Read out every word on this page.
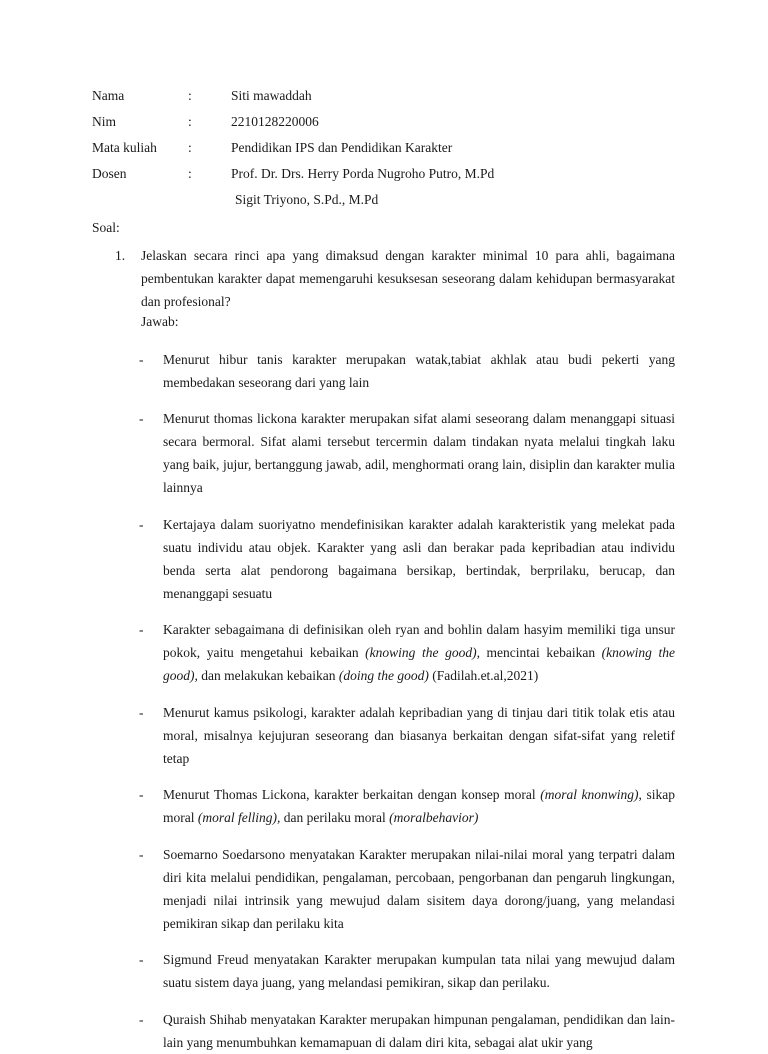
Nama	:	Siti mawaddah
Nim	:	2210128220006
Mata kuliah :	Pendidikan IPS dan Pendidikan Karakter
Dosen	:	Prof. Dr. Drs. Herry Porda Nugroho Putro, M.Pd
Sigit Triyono, S.Pd., M.Pd
Soal:
1. Jelaskan secara rinci apa yang dimaksud dengan karakter minimal 10 para ahli, bagaimana pembentukan karakter dapat memengaruhi kesuksesan seseorang dalam kehidupan bermasyarakat dan profesional?

Jawab:
- Menurut hibur tanis karakter merupakan watak,tabiat akhlak atau budi pekerti yang membedakan seseorang dari yang lain

- Menurut thomas lickona karakter merupakan sifat alami seseorang dalam menanggapi situasi secara bermoral. Sifat alami tersebut tercermin dalam tindakan nyata melalui tingkah laku yang baik, jujur, bertanggung jawab, adil, menghormati orang lain, disiplin dan karakter mulia lainnya

- Kertajaya dalam suoriyatno mendefinisikan karakter adalah karakteristik yang melekat pada suatu individu atau objek. Karakter yang asli dan berakar pada kepribadian atau individu benda serta alat pendorong bagaimana bersikap, bertindak, berprilaku, berucap, dan menanggapi sesuatu

- Karakter sebagaimana di definisikan oleh ryan and bohlin dalam hasyim memiliki tiga unsur pokok, yaitu mengetahui kebaikan (knowing the good), mencintai kebaikan (knowing the good), dan melakukan kebaikan (doing the good) (Fadilah.et.al,2021)

- Menurut kamus psikologi, karakter adalah kepribadian yang di tinjau dari titik tolak etis atau moral, misalnya kejujuran seseorang dan biasanya berkaitan dengan sifat-sifat yang reletif tetap

- Menurut Thomas Lickona, karakter berkaitan dengan konsep moral (moral knonwing), sikap moral (moral felling), dan perilaku moral (moralbehavior)

- Soemarno Soedarsono menyatakan Karakter merupakan nilai-nilai moral yang terpatri dalam diri kita melalui pendidikan, pengalaman, percobaan, pengorbanan dan pengaruh lingkungan, menjadi nilai intrinsik yang mewujud dalam sisitem daya dorong/juang, yang melandasi pemikiran sikap dan perilaku kita

- Sigmund Freud menyatakan Karakter merupakan kumpulan tata nilai yang mewujud dalam suatu sistem daya juang, yang melandasi pemikiran, sikap dan perilaku.

- Quraish Shihab menyatakan Karakter merupakan himpunan pengalaman, pendidikan dan lain-lain yang menumbuhkan kemamapuan di dalam diri kita, sebagai alat ukir yang
